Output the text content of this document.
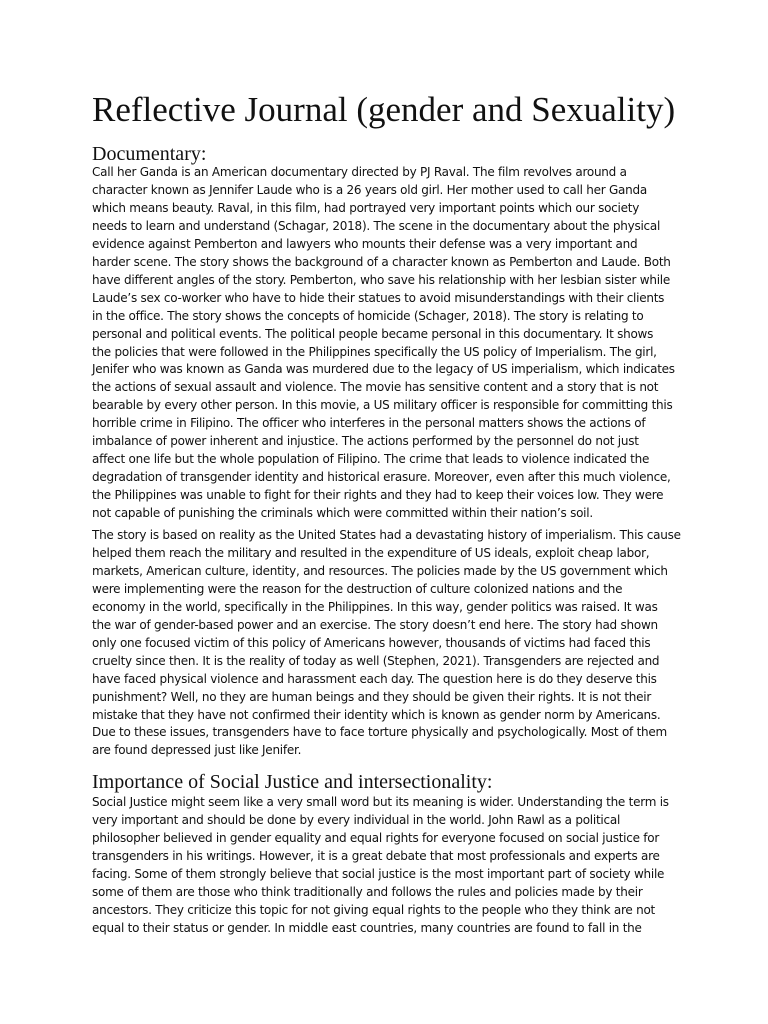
Reflective Journal (gender and Sexuality)
Documentary:

Call her Ganda is an American documentary directed by PJ Raval. The film revolves around a
character known as Jennifer Laude who is a 26 years old girl. Her mother used to call her Ganda
which means beauty. Raval, in this film, had portrayed very important points which our society
needs to learn and understand (Schagar, 2018). The scene in the documentary about the physical
evidence against Pemberton and lawyers who mounts their defense was a very important and
harder scene. The story shows the background of a character known as Pemberton and Laude. Both
have different angles of the story. Pemberton, who save his relationship with her lesbian sister while
Laude’s sex co-worker who have to hide their statues to avoid misunderstandings with their clients
in the office. The story shows the concepts of homicide (Schager, 2018). The story is relating to
personal and political events. The political people became personal in this documentary. It shows
the policies that were followed in the Philippines specifically the US policy of Imperialism. The girl,
Jenifer who was known as Ganda was murdered due to the legacy of US imperialism, which indicates
the actions of sexual assault and violence. The movie has sensitive content and a story that is not
bearable by every other person. In this movie, a US military officer is responsible for committing this
horrible crime in Filipino. The officer who interferes in the personal matters shows the actions of
imbalance of power inherent and injustice. The actions performed by the personnel do not just
affect one life but the whole population of Filipino. The crime that leads to violence indicated the
degradation of transgender identity and historical erasure. Moreover, even after this much violence,
the Philippines was unable to fight for their rights and they had to keep their voices low. They were
not capable of punishing the criminals which were committed within their nation’s soil.

The story is based on reality as the United States had a devastating history of imperialism. This cause
helped them reach the military and resulted in the expenditure of US ideals, exploit cheap labor,
markets, American culture, identity, and resources. The policies made by the US government which
were implementing were the reason for the destruction of culture colonized nations and the
economy in the world, specifically in the Philippines. In this way, gender politics was raised. It was
the war of gender-based power and an exercise. The story doesn’t end here. The story had shown
only one focused victim of this policy of Americans however, thousands of victims had faced this
cruelty since then. It is the reality of today as well (Stephen, 2021). Transgenders are rejected and
have faced physical violence and harassment each day. The question here is do they deserve this
punishment? Well, no they are human beings and they should be given their rights. It is not their
mistake that they have not confirmed their identity which is known as gender norm by Americans.
Due to these issues, transgenders have to face torture physically and psychologically. Most of them
are found depressed just like Jenifer.

Importance of Social Justice and intersectionality:

Social Justice might seem like a very small word but its meaning is wider. Understanding the term is
very important and should be done by every individual in the world. John Rawl as a political
philosopher believed in gender equality and equal rights for everyone focused on social justice for
transgenders in his writings. However, it is a great debate that most professionals and experts are
facing. Some of them strongly believe that social justice is the most important part of society while
some of them are those who think traditionally and follows the rules and policies made by their
ancestors. They criticize this topic for not giving equal rights to the people who they think are not
equal to their status or gender. In middle east countries, many countries are found to fall in the
